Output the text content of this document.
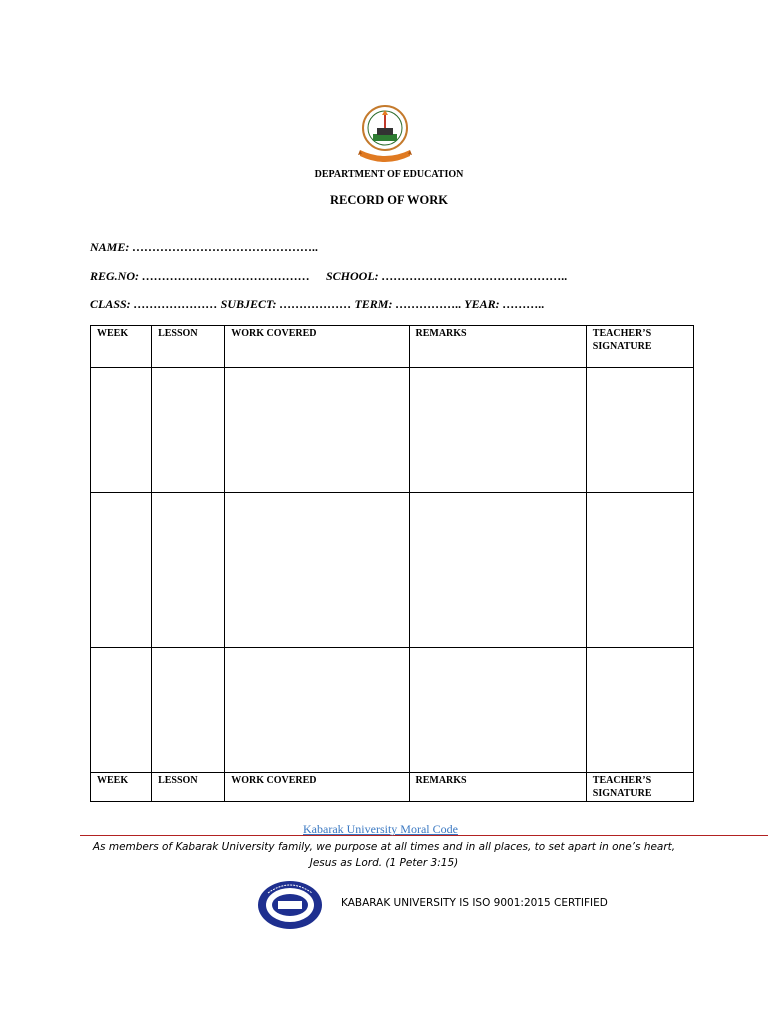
DEPARTMENT OF EDUCATION
RECORD OF WORK
NAME: ………………………………………..
REG.NO: …………………………………… SCHOOL: ………………………………………..
CLASS: ………………… SUBJECT: ……………… TERM: …………….. YEAR: ………..
WEEK	LESSON	WORK COVERED	REMARKS	TEACHER’S SIGNATURE

WEEK	LESSON	WORK COVERED	REMARKS	TEACHER’S SIGNATURE
Kabarak University Moral Code
As members of Kabarak University family, we purpose at all times and in all places, to set apart in one’s heart, Jesus as Lord. (1 Peter 3:15)
KABARAK UNIVERSITY IS ISO 9001:2015 CERTIFIED
